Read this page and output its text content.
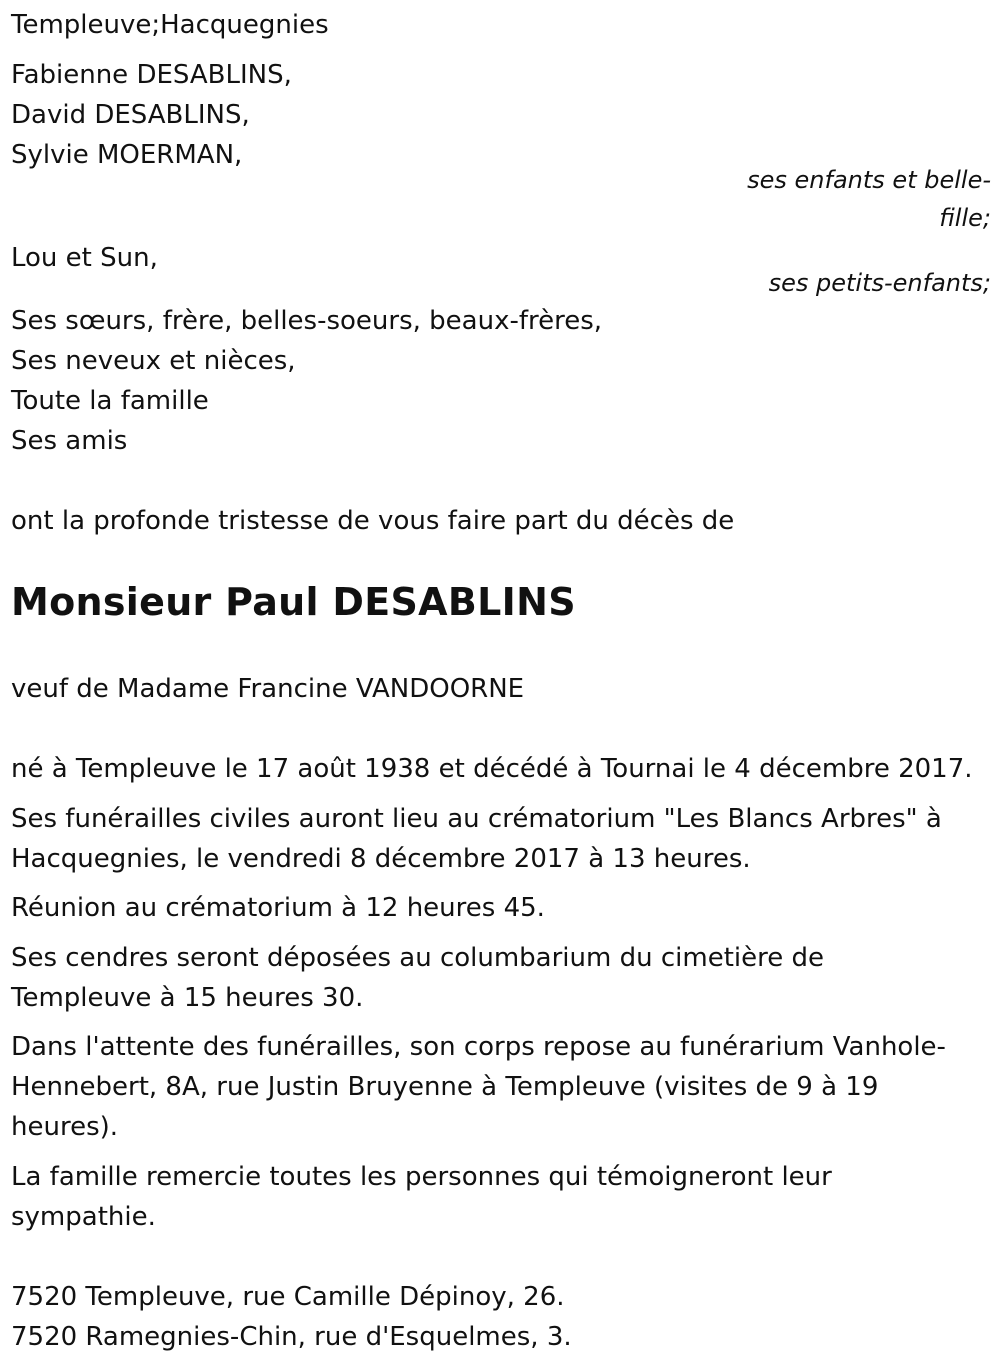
Templeuve;Hacquegnies
Fabienne DESABLINS,
David DESABLINS,
Sylvie MOERMAN,
ses enfants et belle-
fille;
Lou et Sun,
ses petits-enfants;
Ses sœurs, frère, belles-soeurs, beaux-frères,
Ses neveux et nièces,
Toute la famille
Ses amis
ont la profonde tristesse de vous faire part du décès de
Monsieur Paul DESABLINS
veuf de Madame Francine VANDOORNE
né à Templeuve le 17 août 1938 et décédé à Tournai le 4 décembre 2017.
Ses funérailles civiles auront lieu au crématorium "Les Blancs Arbres" à
Hacquegnies, le vendredi 8 décembre 2017 à 13 heures.
Réunion au crématorium à 12 heures 45.
Ses cendres seront déposées au columbarium du cimetière de
Templeuve à 15 heures 30.
Dans l'attente des funérailles, son corps repose au funérarium Vanhole-
Hennebert, 8A, rue Justin Bruyenne à Templeuve (visites de 9 à 19
heures).
La famille remercie toutes les personnes qui témoigneront leur
sympathie.
7520 Templeuve, rue Camille Dépinoy, 26.
7520 Ramegnies-Chin, rue d'Esquelmes, 3.
